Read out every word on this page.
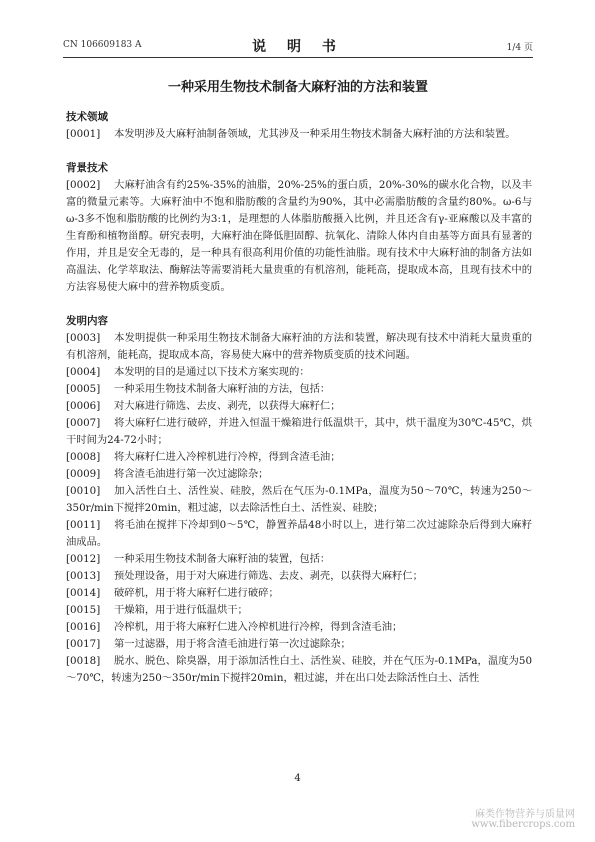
CN 106609183 A	说 明 书	1/4 页
一种采用生物技术制备大麻籽油的方法和装置

技术领域

[0001] 本发明涉及大麻籽油制备领域，尤其涉及一种采用生物技术制备大麻籽油的方法和装置。

背景技术

[0002] 大麻籽油含有约25%-35%的油脂，20%-25%的蛋白质，20%-30%的碳水化合物，以及丰富的微量元素等。大麻籽油中不饱和脂肪酸的含量约为90%，其中必需脂肪酸的含量约80%。ω-6与ω-3多不饱和脂肪酸的比例约为3:1，是理想的人体脂肪酸摄入比例，并且还含有γ-亚麻酸以及丰富的生育酚和植物甾醇。研究表明，大麻籽油在降低胆固醇、抗氧化、清除人体内自由基等方面具有显著的作用，并且是安全无毒的，是一种具有很高利用价值的功能性油脂。现有技术中大麻籽油的制备方法如高温法、化学萃取法、酶解法等需要消耗大量贵重的有机溶剂，能耗高，提取成本高，且现有技术中的方法容易使大麻中的营养物质变质。

发明内容

[0003] 本发明提供一种采用生物技术制备大麻籽油的方法和装置，解决现有技术中消耗大量贵重的有机溶剂，能耗高，提取成本高，容易使大麻中的营养物质变质的技术问题。

[0004] 本发明的目的是通过以下技术方案实现的：

[0005] 一种采用生物技术制备大麻籽油的方法，包括：

[0006] 对大麻进行筛选、去皮、剥壳，以获得大麻籽仁；

[0007] 将大麻籽仁进行破碎，并进入恒温干燥箱进行低温烘干，其中，烘干温度为30℃-45℃，烘干时间为24-72小时；

[0008] 将大麻籽仁进入冷榨机进行冷榨，得到含渣毛油；

[0009] 将含渣毛油进行第一次过滤除杂；

[0010] 加入活性白土、活性炭、硅胶，然后在气压为-0.1MPa，温度为50～70℃，转速为250～350r/min下搅拌20min，粗过滤，以去除活性白土、活性炭、硅胶；

[0011] 将毛油在搅拌下冷却到0～5℃，静置养晶48小时以上，进行第二次过滤除杂后得到大麻籽油成品。

[0012] 一种采用生物技术制备大麻籽油的装置，包括：

[0013] 预处理设备，用于对大麻进行筛选、去皮、剥壳，以获得大麻籽仁；

[0014] 破碎机，用于将大麻籽仁进行破碎；

[0015] 干燥箱，用于进行低温烘干；

[0016] 冷榨机，用于将大麻籽仁进入冷榨机进行冷榨，得到含渣毛油；

[0017] 第一过滤器，用于将含渣毛油进行第一次过滤除杂；

[0018] 脱水、脱色、除臭器，用于添加活性白土、活性炭、硅胶，并在气压为-0.1MPa，温度为50～70℃，转速为250～350r/min下搅拌20min，粗过滤，并在出口处去除活性白土、活性

4
麻类作物营养与质量网
www.fibercrops.com
